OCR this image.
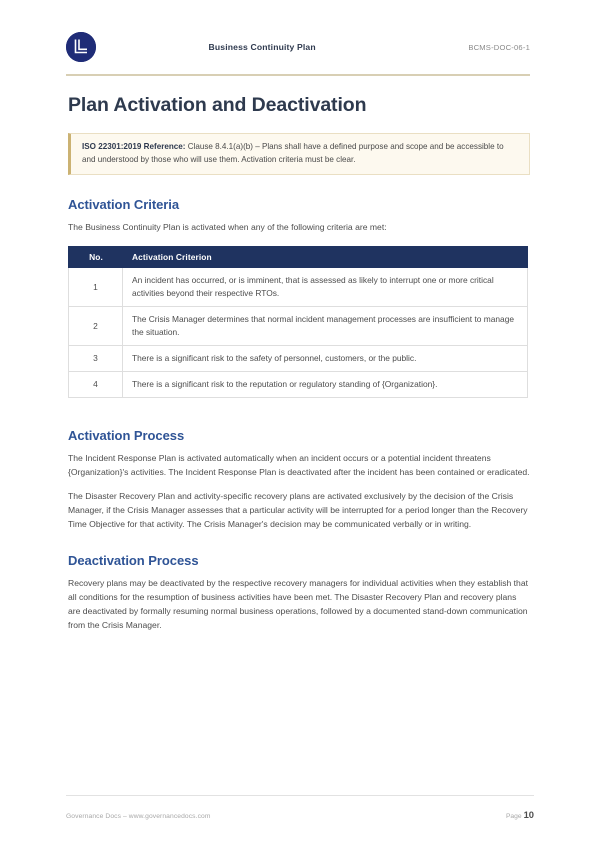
Business Continuity Plan	BCMS-DOC-06-1
Plan Activation and Deactivation
ISO 22301:2019 Reference: Clause 8.4.1(a)(b) – Plans shall have a defined purpose and scope and be accessible to and understood by those who will use them. Activation criteria must be clear.
Activation Criteria

The Business Continuity Plan is activated when any of the following criteria are met:

No.	Activation Criterion
1	An incident has occurred, or is imminent, that is assessed as likely to interrupt one or more critical activities beyond their respective RTOs.
2	The Crisis Manager determines that normal incident management processes are insufficient to manage the situation.
3	There is a significant risk to the safety of personnel, customers, or the public.
4	There is a significant risk to the reputation or regulatory standing of {Organization}.
Activation Process

The Incident Response Plan is activated automatically when an incident occurs or a potential incident threatens {Organization}'s activities. The Incident Response Plan is deactivated after the incident has been contained or eradicated.

The Disaster Recovery Plan and activity-specific recovery plans are activated exclusively by the decision of the Crisis Manager, if the Crisis Manager assesses that a particular activity will be interrupted for a period longer than the Recovery Time Objective for that activity. The Crisis Manager's decision may be communicated verbally or in writing.

Deactivation Process

Recovery plans may be deactivated by the respective recovery managers for individual activities when they establish that all conditions for the resumption of business activities have been met. The Disaster Recovery Plan and recovery plans are deactivated by formally resuming normal business operations, followed by a documented stand-down communication from the Crisis Manager.

Governance Docs – www.governancedocs.com	Page 10
